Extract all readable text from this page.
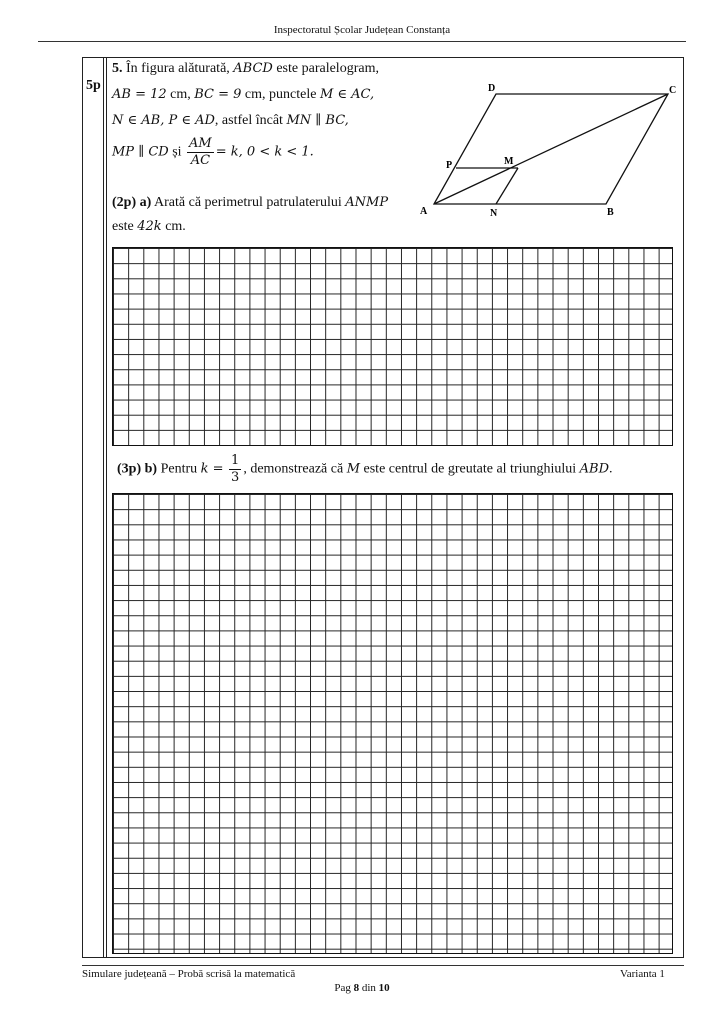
Inspectoratul Școlar Județean Constanța
5p
5. În figura alăturată, ABCD este paralelogram,
AB = 12 cm, BC = 9 cm, punctele M ∈ AC,
N ∈ AB, P ∈ AD, astfel încât MN ∥ BC,
MP ∥ CD și $\frac{AM}{AC} = k$, 0 < k < 1.
(2p) a) Arată că perimetrul patrulaterului ANMP
este 42k cm.
A	B
C
D
M
N
P
(3p) b) Pentru $k = \frac{1}{3}$ , demonstrează că M este centrul de greutate al triunghiului ABD.
Simulare județeană – Probă scrisă la matematică	Varianta 1
Pag 8 din 10
